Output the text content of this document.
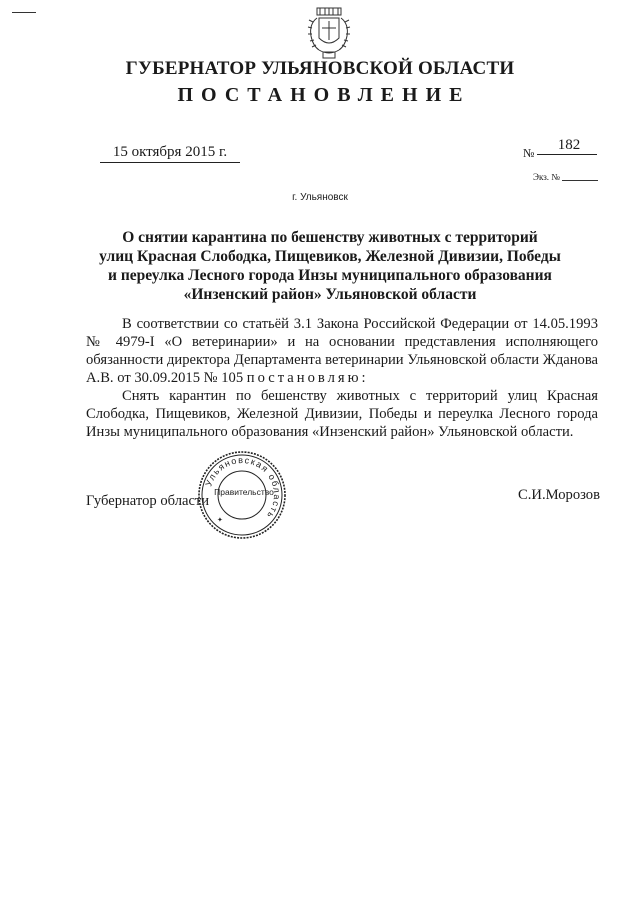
ГУБЕРНАТОР УЛЬЯНОВСКОЙ ОБЛАСТИ
ПОСТАНОВЛЕНИЕ
15 октября 2015 г.	№	182
Экз. №
г. Ульяновск
О снятии карантина по бешенству животных с территорий
улиц Красная Слободка, Пищевиков, Железной Дивизии, Победы
и переулка Лесного города Инзы муниципального образования
«Инзенский район» Ульяновской области

В соответствии со статьёй 3.1 Закона Российской Федерации от 14.05.1993 № 4979-I «О ветеринарии» и на основании представления исполняющего обязанности директора Департамента ветеринарии Ульяновской области Жданова А.В. от 30.09.2015 № 105 постановляю:

Снять карантин по бешенству животных с территорий улиц Красная Слободка, Пищевиков, Железной Дивизии, Победы и переулка Лесного города Инзы муниципального образования «Инзенский район» Ульяновской области.

Губернатор области	С.И.Морозов
Ульяновская область
✦
Правительство
